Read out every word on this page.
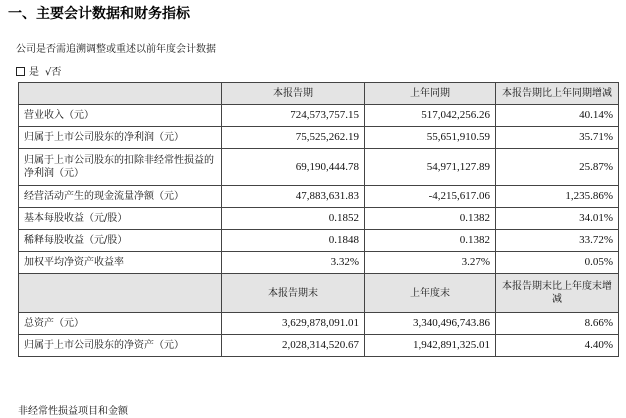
一、主要会计数据和财务指标
公司是否需追溯调整或重述以前年度会计数据
是 √否
	本报告期	上年同期	本报告期比上年同期增减
营业收入（元）	724,573,757.15	517,042,256.26	40.14%
归属于上市公司股东的净利润（元）	75,525,262.19	55,651,910.59	35.71%
归属于上市公司股东的扣除非经常性损益的净利润（元）	69,190,444.78	54,971,127.89	25.87%
经营活动产生的现金流量净额（元）	47,883,631.83	-4,215,617.06	1,235.86%
基本每股收益（元/股）	0.1852	0.1382	34.01%
稀释每股收益（元/股）	0.1848	0.1382	33.72%
加权平均净资产收益率	3.32%	3.27%	0.05%
	本报告期末	上年度末	本报告期末比上年度末增减
总资产（元）	3,629,878,091.01	3,340,496,743.86	8.66%
归属于上市公司股东的净资产（元）	2,028,314,520.67	1,942,891,325.01	4.40%
非经常性损益项目和金额
